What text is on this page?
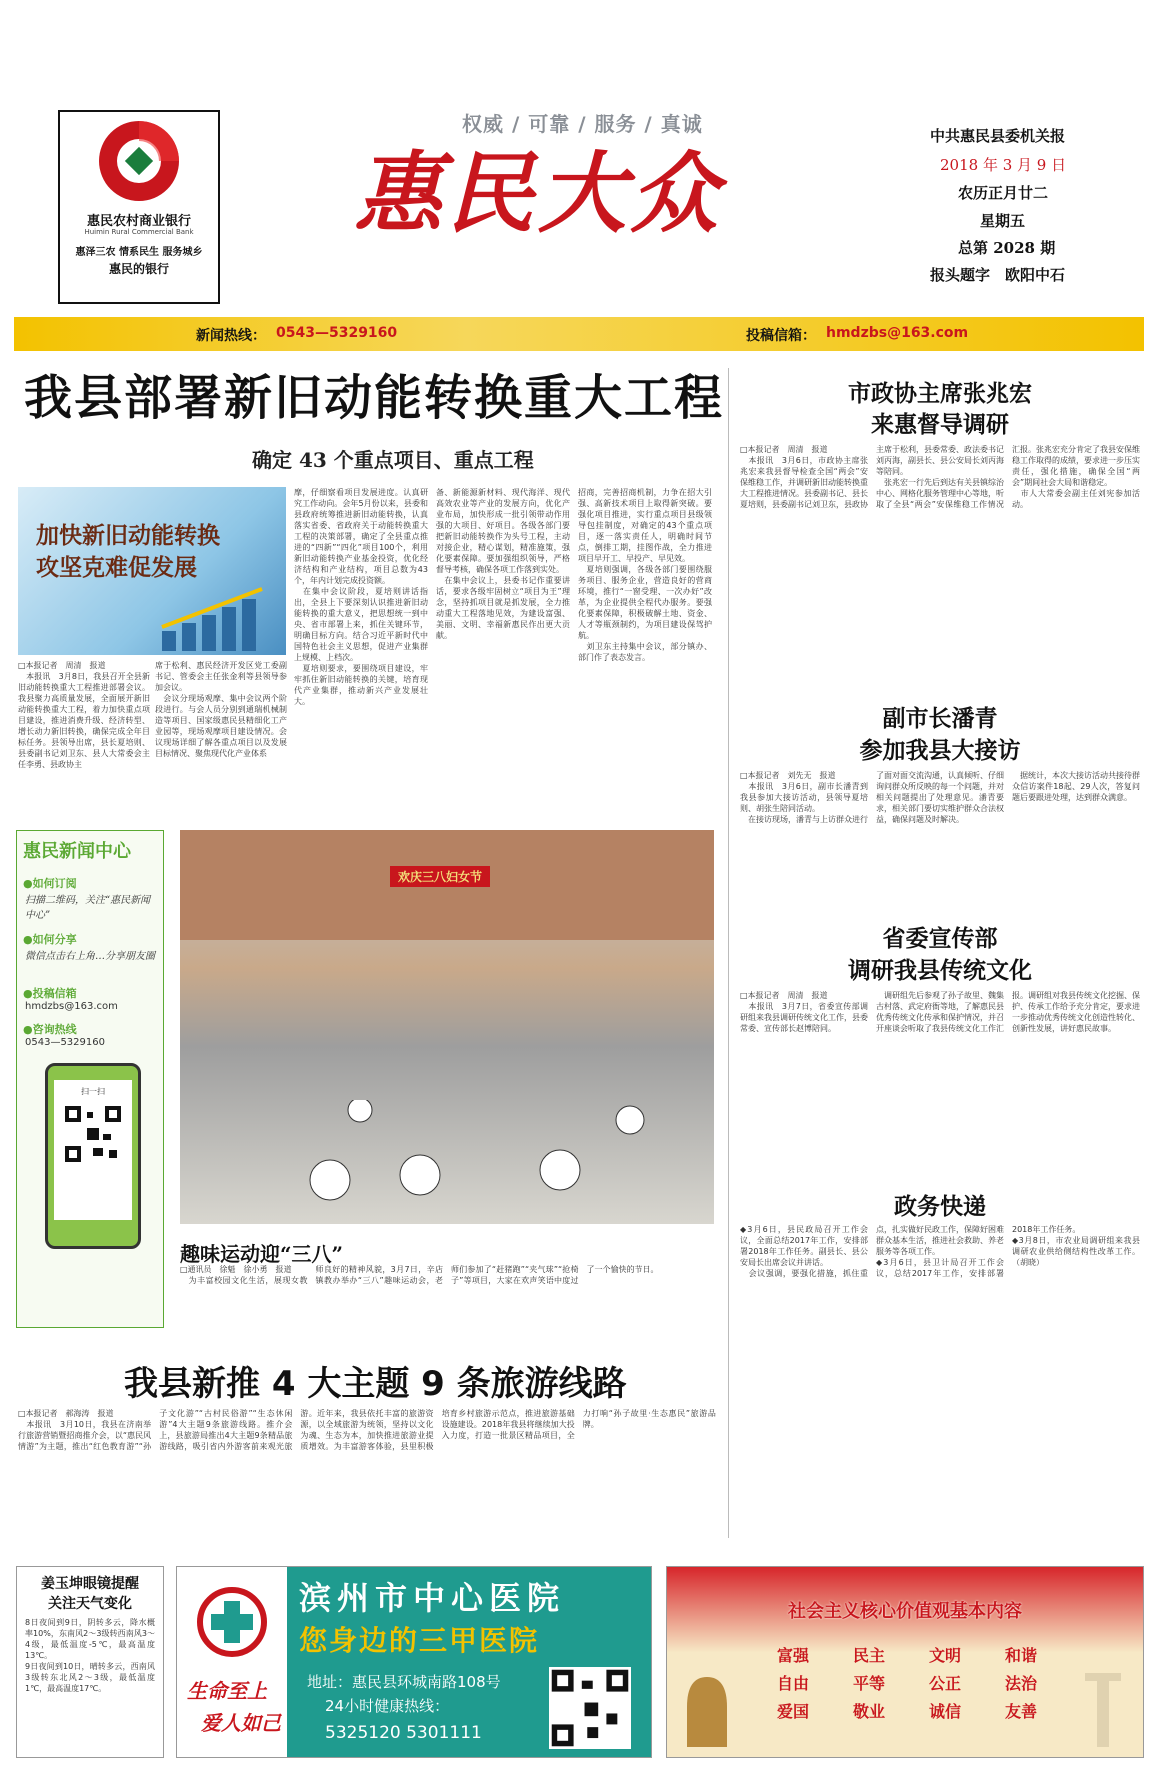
惠民农村商业银行
Huimin Rural Commercial Bank
惠泽三农 情系民生 服务城乡
惠民的银行
权威 / 可靠 / 服务 / 真诚
惠民大众
中共惠民县委机关报
2018 年 3 月 9 日
农历正月廿二
星期五
总第 2028 期
报头题字　欧阳中石
新闻热线： 0543—5329160	投稿信箱： hmdzbs@163.com
我县部署新旧动能转换重大工程
确定 43 个重点项目、重点工程
加快新旧动能转换
攻坚克难促发展
□本报记者　周清　报道
　本报讯　3月8日，我县召开全县新旧动能转换重大工程推进部署会议。我县聚力高质量发展，全面展开新旧动能转换重大工程，着力加快重点项目建设，推进消费升级、经济转型、增长动力新旧转换，确保完成全年目标任务。县领导出席，县长夏培则、县委副书记刘卫东、县人大常委会主任李勇、县政协主
席于松利、惠民经济开发区党工委副书记、管委会主任张金利等县领导参加会议。
　会议分现场观摩、集中会议两个阶段进行。与会人员分别到通瑞机械制造等项目、国家级惠民县精细化工产业园等，现场观摩项目建设情况。会议现场详细了解各重点项目以及发展目标情况、聚焦现代化产业体系
摩，仔细察看项目发展进度。认真研究工作动向。会年5月份以来，县委和县政府统筹推进新旧动能转换，认真落实省委、省政府关于动能转换重大工程的决策部署，确定了全县重点推进的“四新”“四化”项目100个，利用新旧动能转换产业基金投资，优化经济结构和产业结构，项目总数为43个，年内计划完成投资额。
　在集中会议阶段，夏培则讲话指出，全县上下要深刻认识推进新旧动能转换的重大意义，把思想统一到中央、省市部署上来，抓住关键环节，明确目标方向。结合习近平新时代中国特色社会主义思想，促进产业集群上规模、上档次。
　夏培则要求，要围绕项目建设，牢牢抓住新旧动能转换的关键，培育现代产业集群，推动新兴产业发展壮大。
备、新能源新材料、现代海洋、现代高效农业等产业的发展方向，优化产业布局，加快形成一批引领带动作用强的大项目、好项目。各级各部门要把新旧动能转换作为头号工程，主动对接企业，精心谋划，精准施策，强化要素保障。要加强组织领导，严格督导考核，确保各项工作落到实处。
　在集中会议上，县委书记作重要讲话，要求各级牢固树立“项目为王”理念，坚持抓项目就是抓发展，全力推动重大工程落地见效，为建设富强、美丽、文明、幸福新惠民作出更大贡献。
招商，完善招商机制，力争在招大引强、高新技术项目上取得新突破。要强化项目推进，实行重点项目县级领导包挂制度，对确定的43个重点项目，逐一落实责任人，明确时间节点，倒排工期，挂图作战，全力推进项目早开工、早投产、早见效。
　夏培则强调，各级各部门要围绕服务项目、服务企业，营造良好的营商环境，推行“一窗受理、一次办好”改革，为企业提供全程代办服务。要强化要素保障，积极破解土地、资金、人才等瓶颈制约，为项目建设保驾护航。
　刘卫东主持集中会议，部分镇办、部门作了表态发言。
市政协主席张兆宏
来惠督导调研
□本报记者　周清　报道
　本报讯　3月6日，市政协主席张兆宏来我县督导检查全国“两会”安保维稳工作，并调研新旧动能转换重大工程推进情况。县委副书记、县长夏培则，县委副书记刘卫东，县政协主席于松利，县委常委、政法委书记刘丙海，副县长、县公安局长刘丙海等陪同。
　张兆宏一行先后到达有关县镇综治中心、网格化服务管理中心等地，听取了全县“两会”安保维稳工作情况汇报。张兆宏充分肯定了我县安保维稳工作取得的成绩，要求进一步压实责任，强化措施，确保全国“两会”期间社会大局和谐稳定。
　市人大常委会副主任刘宪参加活动。
副市长潘青
参加我县大接访
□本报记者　刘先无　报道
　本报讯　3月6日，副市长潘青到我县参加大接访活动，县领导夏培则、胡张生陪同活动。
　在接访现场，潘青与上访群众进行了面对面交流沟通，认真倾听、仔细询问群众所反映的每一个问题，并对相关问题提出了处理意见。潘青要求，相关部门要切实维护群众合法权益，确保问题及时解决。
　据统计，本次大接访活动共接待群众信访案件18起、29人次，答复问题后要跟进处理，达到群众满意。
省委宣传部
调研我县传统文化
□本报记者　周清　报道
　本报讯　3月7日，省委宣传部调研组来我县调研传统文化工作，县委常委、宣传部长赵博陪同。
　调研组先后参观了孙子故里、魏集古村落、武定府衙等地，了解惠民县优秀传统文化传承和保护情况，并召开座谈会听取了我县传统文化工作汇报。调研组对我县传统文化挖掘、保护、传承工作给予充分肯定，要求进一步推动优秀传统文化创造性转化、创新性发展，讲好惠民故事。
政务快递
◆3月6日，县民政局召开工作会议，全面总结2017年工作，安排部署2018年工作任务。副县长、县公安局长出席会议并讲话。
　会议强调，要强化措施，抓住重点，扎实做好民政工作，保障好困难群众基本生活，推进社会救助、养老服务等各项工作。
◆3月6日，县卫计局召开工作会议，总结2017年工作，安排部署2018年工作任务。
◆3月8日，市农业局调研组来我县调研农业供给侧结构性改革工作。（胡晓）
惠民新闻中心
●如何订阅
扫描二维码，关注“惠民新闻中心”
●如何分享
微信点击右上角…分享朋友圈
●投稿信箱
hmdzbs@163.com
●咨询热线
0543—5329160
扫一扫
欢庆三八妇女节
趣味运动迎“三八”
□通讯员　徐魁　徐小勇　报道
　为丰富校园文化生活，展现女教师良好的精神风貌，3月7日，辛店镇教办举办“三八”趣味运动会，老师们参加了“赶猪跑”“夹气球”“抢椅子”等项目，大家在欢声笑语中度过了一个愉快的节日。
我县新推 4 大主题 9 条旅游线路
□本报记者　郝海涛　报道
　本报讯　3月10日，我县在济南举行旅游营销暨招商推介会，以“惠民风情游”为主题，推出“红色教育游”“孙子文化游”“古村民俗游”“生态休闲游”4大主题9条旅游线路。推介会上，县旅游局推出4大主题9条精品旅游线路，吸引省内外游客前来观光旅游。近年来，我县依托丰富的旅游资源，以全域旅游为统领，坚持以文化为魂、生态为本，加快推进旅游业提质增效。为丰富游客体验，县里积极培育乡村旅游示范点，推进旅游基础设施建设。2018年我县将继续加大投入力度，打造一批景区精品项目，全力打响“孙子故里·生态惠民”旅游品牌。
姜玉坤眼镜提醒
关注天气变化
8日夜间到9日，阴转多云，降水概率10%，东南风2～3级转西南风3～4级，最低温度-5℃，最高温度13℃。
9日夜间到10日，晴转多云，西南风3级转东北风2～3级，最低温度1℃，最高温度17℃。	生命至上
爱人如己
滨州市中心医院
您身边的三甲医院
地址：惠民县环城南路108号
24小时健康热线：
5325120 5301111
社会主义核心价值观基本内容
富强	民主	文明	和谐
自由	平等	公正	法治
爱国	敬业	诚信	友善
